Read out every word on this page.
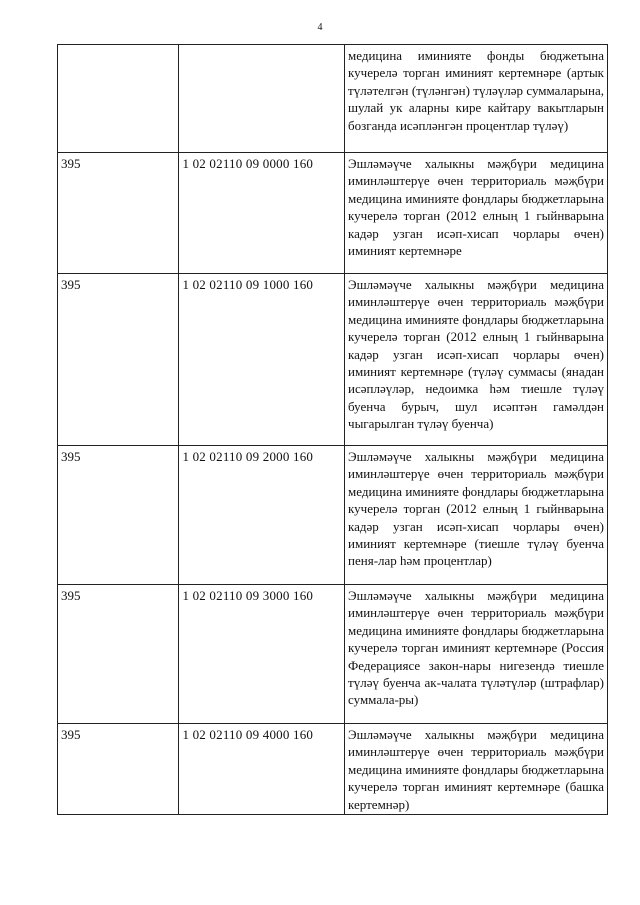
4
		медицина иминияте фонды бюджетына кучерелә торган иминият кертемнәре (артык түләтелгән (түләнгән) түләүләр суммаларына, шулай ук аларны кире кайтару вакытларын бозганда исәпләнгән процентлар түләү)
395	1 02 02110 09 0000 160	Эшләмәүче халыкны мәҗбүри медицина иминләштерүе өчен территориаль мәҗбүри медицина иминияте фондлары бюджетларына кучерелә торган (2012 елның 1 гыйнварына кадәр узган исәп-хисап чорлары өчен) иминият кертемнәре
395	1 02 02110 09 1000 160	Эшләмәүче халыкны мәҗбүри медицина иминләштерүе өчен территориаль мәҗбүри медицина иминияте фондлары бюджетларына кучерелә торган (2012 елның 1 гыйнварына кадәр узган исәп-хисап чорлары өчен) иминият кертемнәре (түләү суммасы (янадан исәпләүләр, недоимка һәм тиешле түләү буенча бурыч, шул исәптән гамәлдән чыгарылган түләү буенча)
395	1 02 02110 09 2000 160	Эшләмәүче халыкны мәҗбүри медицина иминләштерүе өчен территориаль мәҗбүри медицина иминияте фондлары бюджетларына кучерелә торган (2012 елның 1 гыйнварына кадәр узган исәп-хисап чорлары өчен) иминият кертемнәре (тиешле түләү буенча пеня-лар һәм процентлар)
395	1 02 02110 09 3000 160	Эшләмәүче халыкны мәҗбүри медицина иминләштерүе өчен территориаль мәҗбүри медицина иминияте фондлары бюджетларына кучерелә торган иминият кертемнәре (Россия Федерациясе закон-нары нигезендә тиешле түләү буенча ак-чалата түләтүләр (штрафлар) суммала-ры)
395	1 02 02110 09 4000 160	Эшләмәүче халыкны мәҗбүри медицина иминләштерүе өчен территориаль мәҗбүри медицина иминияте фондлары бюджетларына кучерелә торган иминият кертемнәре (башка кертемнәр)
